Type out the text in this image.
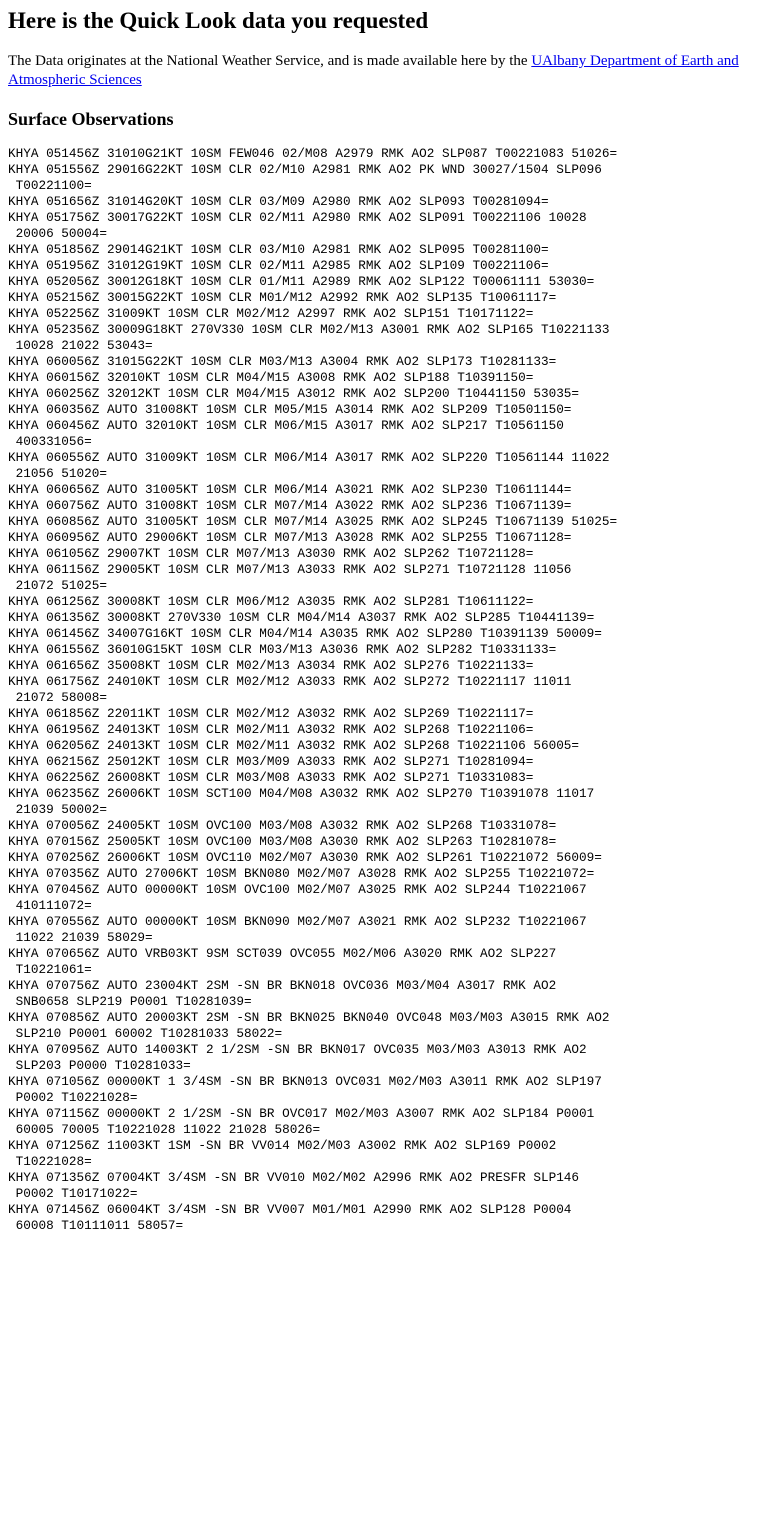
Here is the Quick Look data you requested

The Data originates at the National Weather Service, and is made available here by the UAlbany Department of Earth and Atmospheric Sciences

Surface Observations
KHYA 051456Z 31010G21KT 10SM FEW046 02/M08 A2979 RMK AO2 SLP087 T00221083 51026=
KHYA 051556Z 29016G22KT 10SM CLR 02/M10 A2981 RMK AO2 PK WND 30027/1504 SLP096
T00221100=
KHYA 051656Z 31014G20KT 10SM CLR 03/M09 A2980 RMK AO2 SLP093 T00281094=
KHYA 051756Z 30017G22KT 10SM CLR 02/M11 A2980 RMK AO2 SLP091 T00221106 10028
20006 50004=
KHYA 051856Z 29014G21KT 10SM CLR 03/M10 A2981 RMK AO2 SLP095 T00281100=
KHYA 051956Z 31012G19KT 10SM CLR 02/M11 A2985 RMK AO2 SLP109 T00221106=
KHYA 052056Z 30012G18KT 10SM CLR 01/M11 A2989 RMK AO2 SLP122 T00061111 53030=
KHYA 052156Z 30015G22KT 10SM CLR M01/M12 A2992 RMK AO2 SLP135 T10061117=
KHYA 052256Z 31009KT 10SM CLR M02/M12 A2997 RMK AO2 SLP151 T10171122=
KHYA 052356Z 30009G18KT 270V330 10SM CLR M02/M13 A3001 RMK AO2 SLP165 T10221133
10028 21022 53043=
KHYA 060056Z 31015G22KT 10SM CLR M03/M13 A3004 RMK AO2 SLP173 T10281133=
KHYA 060156Z 32010KT 10SM CLR M04/M15 A3008 RMK AO2 SLP188 T10391150=
KHYA 060256Z 32012KT 10SM CLR M04/M15 A3012 RMK AO2 SLP200 T10441150 53035=
KHYA 060356Z AUTO 31008KT 10SM CLR M05/M15 A3014 RMK AO2 SLP209 T10501150=
KHYA 060456Z AUTO 32010KT 10SM CLR M06/M15 A3017 RMK AO2 SLP217 T10561150
400331056=
KHYA 060556Z AUTO 31009KT 10SM CLR M06/M14 A3017 RMK AO2 SLP220 T10561144 11022
21056 51020=
KHYA 060656Z AUTO 31005KT 10SM CLR M06/M14 A3021 RMK AO2 SLP230 T10611144=
KHYA 060756Z AUTO 31008KT 10SM CLR M07/M14 A3022 RMK AO2 SLP236 T10671139=
KHYA 060856Z AUTO 31005KT 10SM CLR M07/M14 A3025 RMK AO2 SLP245 T10671139 51025=
KHYA 060956Z AUTO 29006KT 10SM CLR M07/M13 A3028 RMK AO2 SLP255 T10671128=
KHYA 061056Z 29007KT 10SM CLR M07/M13 A3030 RMK AO2 SLP262 T10721128=
KHYA 061156Z 29005KT 10SM CLR M07/M13 A3033 RMK AO2 SLP271 T10721128 11056
21072 51025=
KHYA 061256Z 30008KT 10SM CLR M06/M12 A3035 RMK AO2 SLP281 T10611122=
KHYA 061356Z 30008KT 270V330 10SM CLR M04/M14 A3037 RMK AO2 SLP285 T10441139=
KHYA 061456Z 34007G16KT 10SM CLR M04/M14 A3035 RMK AO2 SLP280 T10391139 50009=
KHYA 061556Z 36010G15KT 10SM CLR M03/M13 A3036 RMK AO2 SLP282 T10331133=
KHYA 061656Z 35008KT 10SM CLR M02/M13 A3034 RMK AO2 SLP276 T10221133=
KHYA 061756Z 24010KT 10SM CLR M02/M12 A3033 RMK AO2 SLP272 T10221117 11011
21072 58008=
KHYA 061856Z 22011KT 10SM CLR M02/M12 A3032 RMK AO2 SLP269 T10221117=
KHYA 061956Z 24013KT 10SM CLR M02/M11 A3032 RMK AO2 SLP268 T10221106=
KHYA 062056Z 24013KT 10SM CLR M02/M11 A3032 RMK AO2 SLP268 T10221106 56005=
KHYA 062156Z 25012KT 10SM CLR M03/M09 A3033 RMK AO2 SLP271 T10281094=
KHYA 062256Z 26008KT 10SM CLR M03/M08 A3033 RMK AO2 SLP271 T10331083=
KHYA 062356Z 26006KT 10SM SCT100 M04/M08 A3032 RMK AO2 SLP270 T10391078 11017
21039 50002=
KHYA 070056Z 24005KT 10SM OVC100 M03/M08 A3032 RMK AO2 SLP268 T10331078=
KHYA 070156Z 25005KT 10SM OVC100 M03/M08 A3030 RMK AO2 SLP263 T10281078=
KHYA 070256Z 26006KT 10SM OVC110 M02/M07 A3030 RMK AO2 SLP261 T10221072 56009=
KHYA 070356Z AUTO 27006KT 10SM BKN080 M02/M07 A3028 RMK AO2 SLP255 T10221072=
KHYA 070456Z AUTO 00000KT 10SM OVC100 M02/M07 A3025 RMK AO2 SLP244 T10221067
410111072=
KHYA 070556Z AUTO 00000KT 10SM BKN090 M02/M07 A3021 RMK AO2 SLP232 T10221067
11022 21039 58029=
KHYA 070656Z AUTO VRB03KT 9SM SCT039 OVC055 M02/M06 A3020 RMK AO2 SLP227
T10221061=
KHYA 070756Z AUTO 23004KT 2SM -SN BR BKN018 OVC036 M03/M04 A3017 RMK AO2
SNB0658 SLP219 P0001 T10281039=
KHYA 070856Z AUTO 20003KT 2SM -SN BR BKN025 BKN040 OVC048 M03/M03 A3015 RMK AO2
SLP210 P0001 60002 T10281033 58022=
KHYA 070956Z AUTO 14003KT 2 1/2SM -SN BR BKN017 OVC035 M03/M03 A3013 RMK AO2
SLP203 P0000 T10281033=
KHYA 071056Z 00000KT 1 3/4SM -SN BR BKN013 OVC031 M02/M03 A3011 RMK AO2 SLP197
P0002 T10221028=
KHYA 071156Z 00000KT 2 1/2SM -SN BR OVC017 M02/M03 A3007 RMK AO2 SLP184 P0001
60005 70005 T10221028 11022 21028 58026=
KHYA 071256Z 11003KT 1SM -SN BR VV014 M02/M03 A3002 RMK AO2 SLP169 P0002
T10221028=
KHYA 071356Z 07004KT 3/4SM -SN BR VV010 M02/M02 A2996 RMK AO2 PRESFR SLP146
P0002 T10171022=
KHYA 071456Z 06004KT 3/4SM -SN BR VV007 M01/M01 A2990 RMK AO2 SLP128 P0004
60008 T10111011 58057=
